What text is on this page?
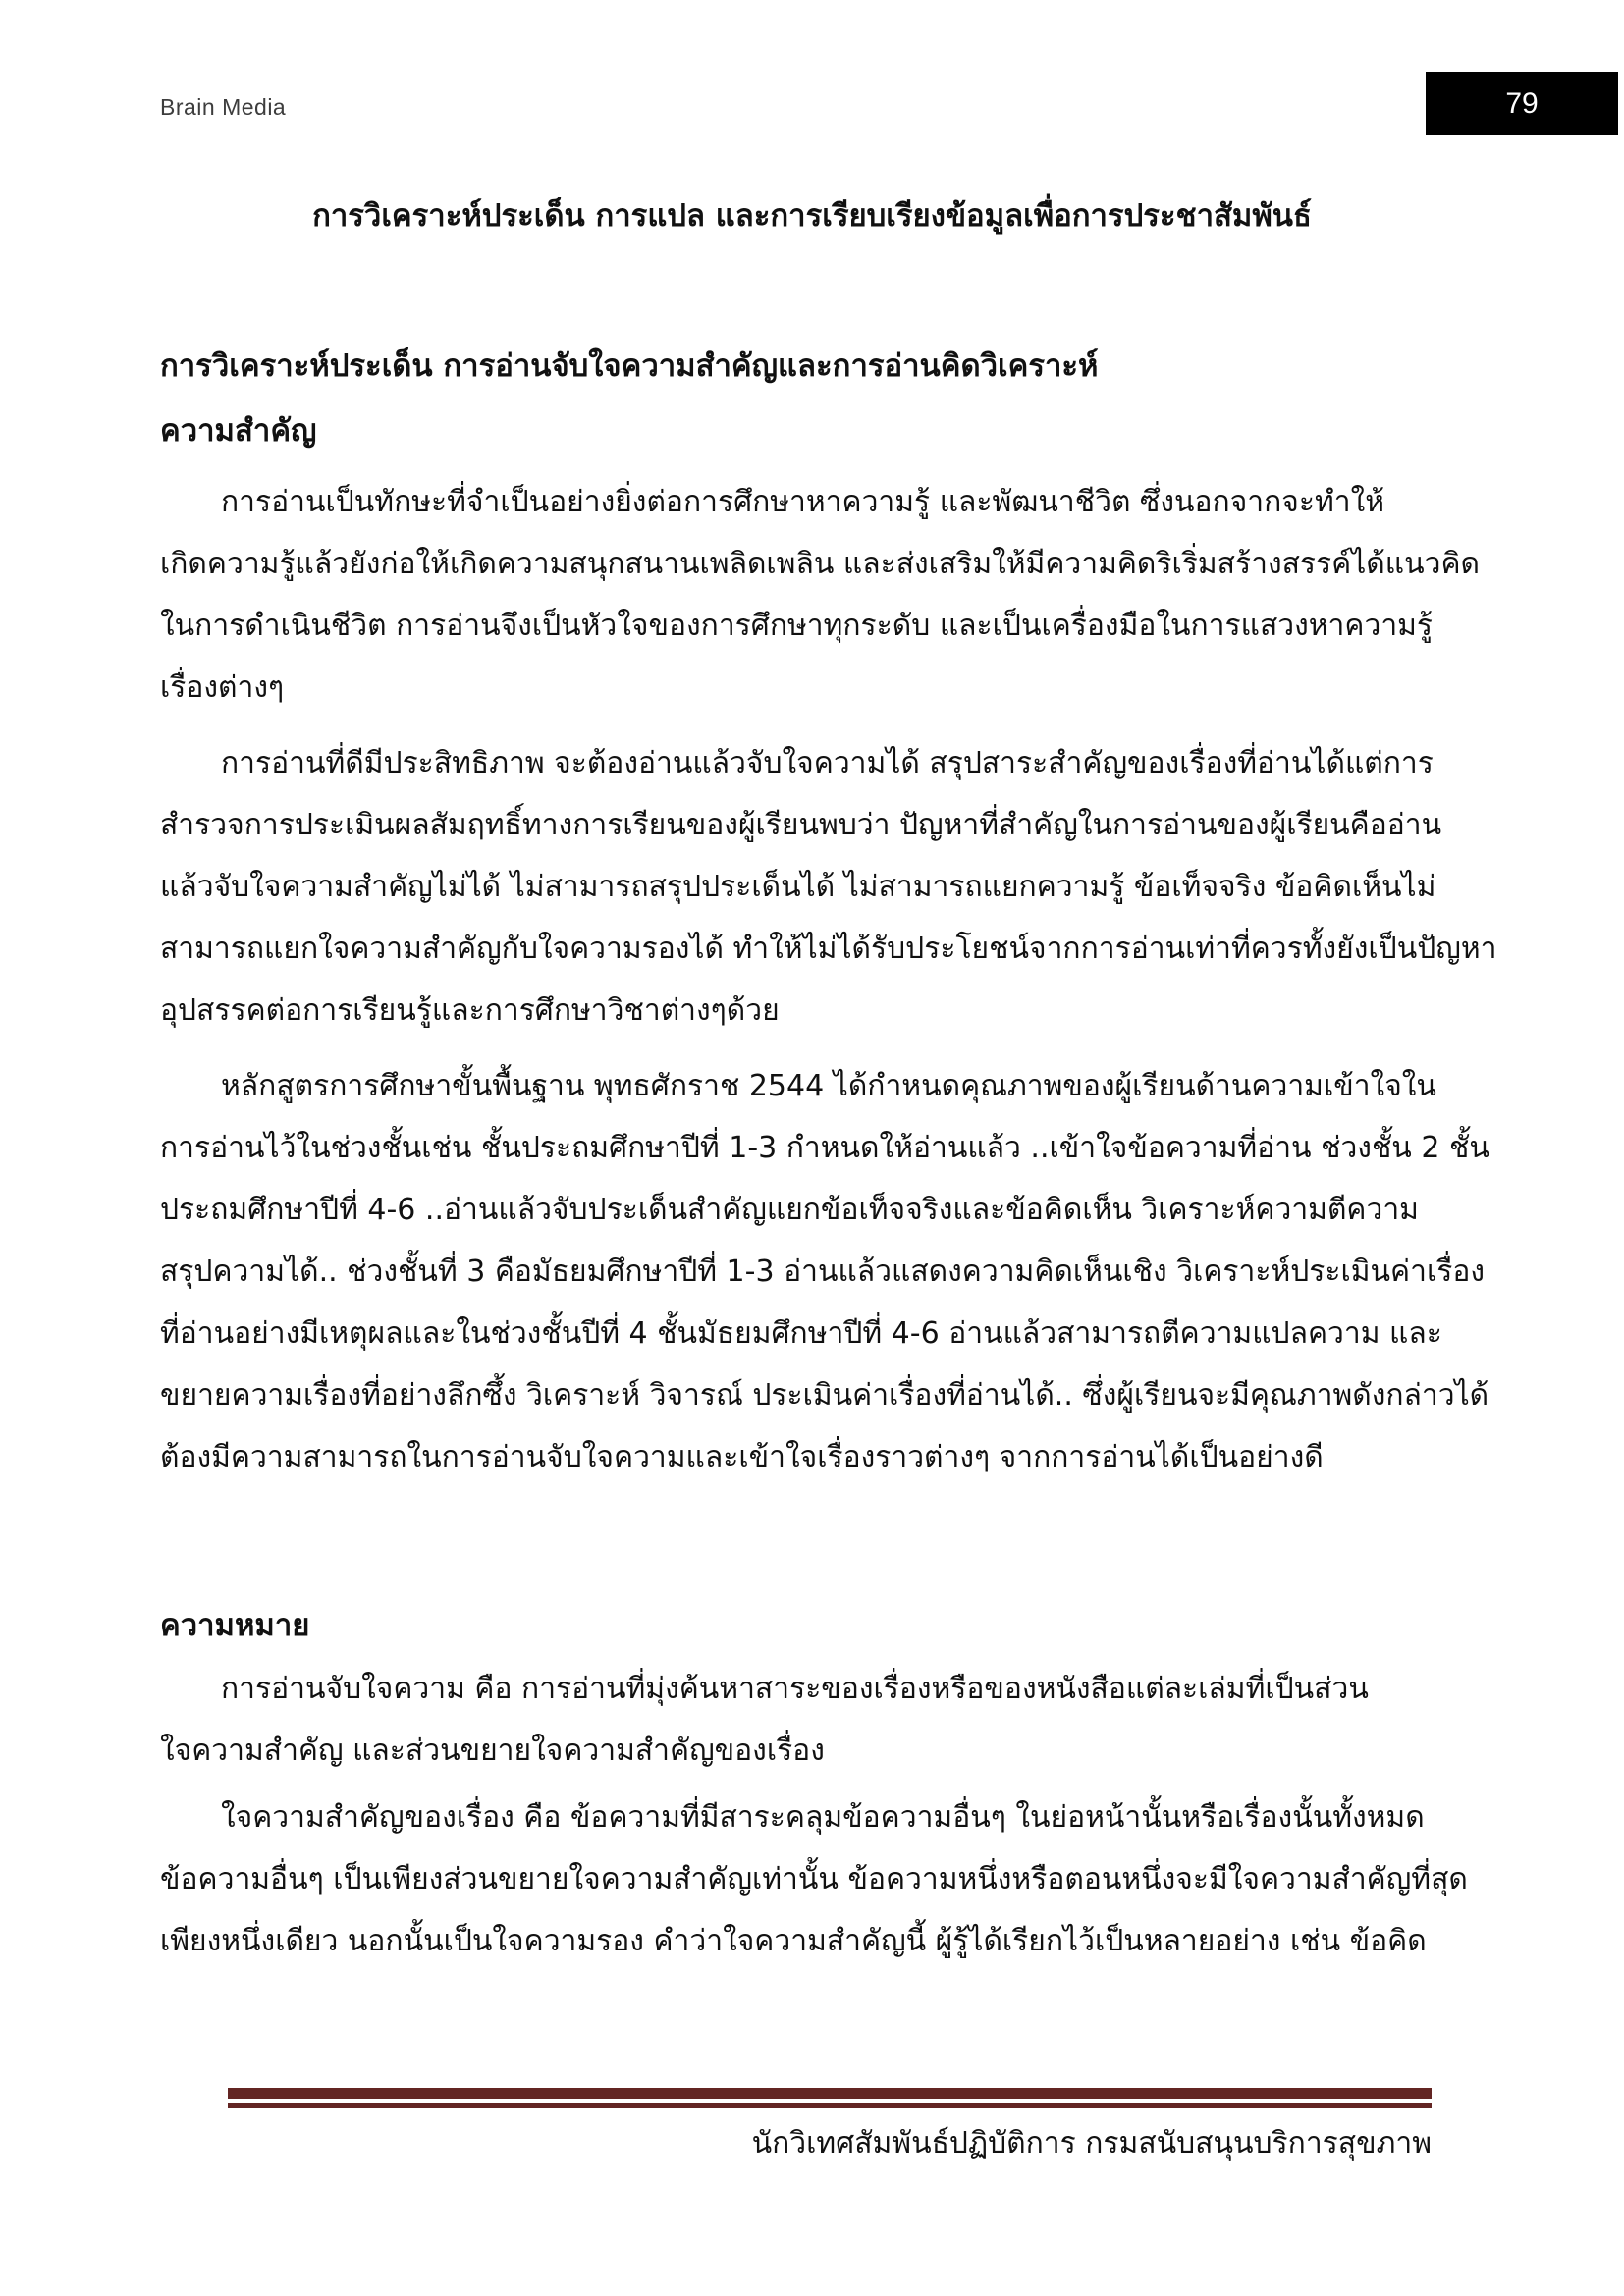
Brain Media	79
การวิเคราะห์ประเด็น การแปล และการเรียบเรียงข้อมูลเพื่อการประชาสัมพันธ์
การวิเคราะห์ประเด็น การอ่านจับใจความสำคัญและการอ่านคิดวิเคราะห์
ความสำคัญ
การอ่านเป็นทักษะที่จำเป็นอย่างยิ่งต่อการศึกษาหาความรู้ และพัฒนาชีวิต ซึ่งนอกจากจะทำให้
เกิดความรู้แล้วยังก่อให้เกิดความสนุกสนานเพลิดเพลิน และส่งเสริมให้มีความคิดริเริ่มสร้างสรรค์ได้แนวคิด
ในการดำเนินชีวิต การอ่านจึงเป็นหัวใจของการศึกษาทุกระดับ และเป็นเครื่องมือในการแสวงหาความรู้
เรื่องต่างๆ
การอ่านที่ดีมีประสิทธิภาพ จะต้องอ่านแล้วจับใจความได้ สรุปสาระสำคัญของเรื่องที่อ่านได้แต่การ
สำรวจการประเมินผลสัมฤทธิ์ทางการเรียนของผู้เรียนพบว่า ปัญหาที่สำคัญในการอ่านของผู้เรียนคืออ่าน
แล้วจับใจความสำคัญไม่ได้ ไม่สามารถสรุปประเด็นได้ ไม่สามารถแยกความรู้ ข้อเท็จจริง ข้อคิดเห็นไม่
สามารถแยกใจความสำคัญกับใจความรองได้ ทำให้ไม่ได้รับประโยชน์จากการอ่านเท่าที่ควรทั้งยังเป็นปัญหา
อุปสรรคต่อการเรียนรู้และการศึกษาวิชาต่างๆด้วย
หลักสูตรการศึกษาขั้นพื้นฐาน พุทธศักราช 2544 ได้กำหนดคุณภาพของผู้เรียนด้านความเข้าใจใน
การอ่านไว้ในช่วงชั้นเช่น ชั้นประถมศึกษาปีที่ 1-3 กำหนดให้อ่านแล้ว ..เข้าใจข้อความที่อ่าน ช่วงชั้น 2 ชั้น
ประถมศึกษาปีที่ 4-6 ..อ่านแล้วจับประเด็นสำคัญแยกข้อเท็จจริงและข้อคิดเห็น วิเคราะห์ความตีความ
สรุปความได้.. ช่วงชั้นที่ 3 คือมัธยมศึกษาปีที่ 1-3 อ่านแล้วแสดงความคิดเห็นเชิง วิเคราะห์ประเมินค่าเรื่อง
ที่อ่านอย่างมีเหตุผลและในช่วงชั้นปีที่ 4 ชั้นมัธยมศึกษาปีที่ 4-6 อ่านแล้วสามารถตีความแปลความ และ
ขยายความเรื่องที่อย่างลึกซึ้ง วิเคราะห์ วิจารณ์ ประเมินค่าเรื่องที่อ่านได้.. ซึ่งผู้เรียนจะมีคุณภาพดังกล่าวได้
ต้องมีความสามารถในการอ่านจับใจความและเข้าใจเรื่องราวต่างๆ จากการอ่านได้เป็นอย่างดี
ความหมาย
การอ่านจับใจความ คือ การอ่านที่มุ่งค้นหาสาระของเรื่องหรือของหนังสือแต่ละเล่มที่เป็นส่วน
ใจความสำคัญ และส่วนขยายใจความสำคัญของเรื่อง
ใจความสำคัญของเรื่อง คือ ข้อความที่มีสาระคลุมข้อความอื่นๆ ในย่อหน้านั้นหรือเรื่องนั้นทั้งหมด
ข้อความอื่นๆ เป็นเพียงส่วนขยายใจความสำคัญเท่านั้น ข้อความหนึ่งหรือตอนหนึ่งจะมีใจความสำคัญที่สุด
เพียงหนึ่งเดียว นอกนั้นเป็นใจความรอง คำว่าใจความสำคัญนี้ ผู้รู้ได้เรียกไว้เป็นหลายอย่าง เช่น ข้อคิด
นักวิเทศสัมพันธ์ปฏิบัติการ กรมสนับสนุนบริการสุขภาพ
